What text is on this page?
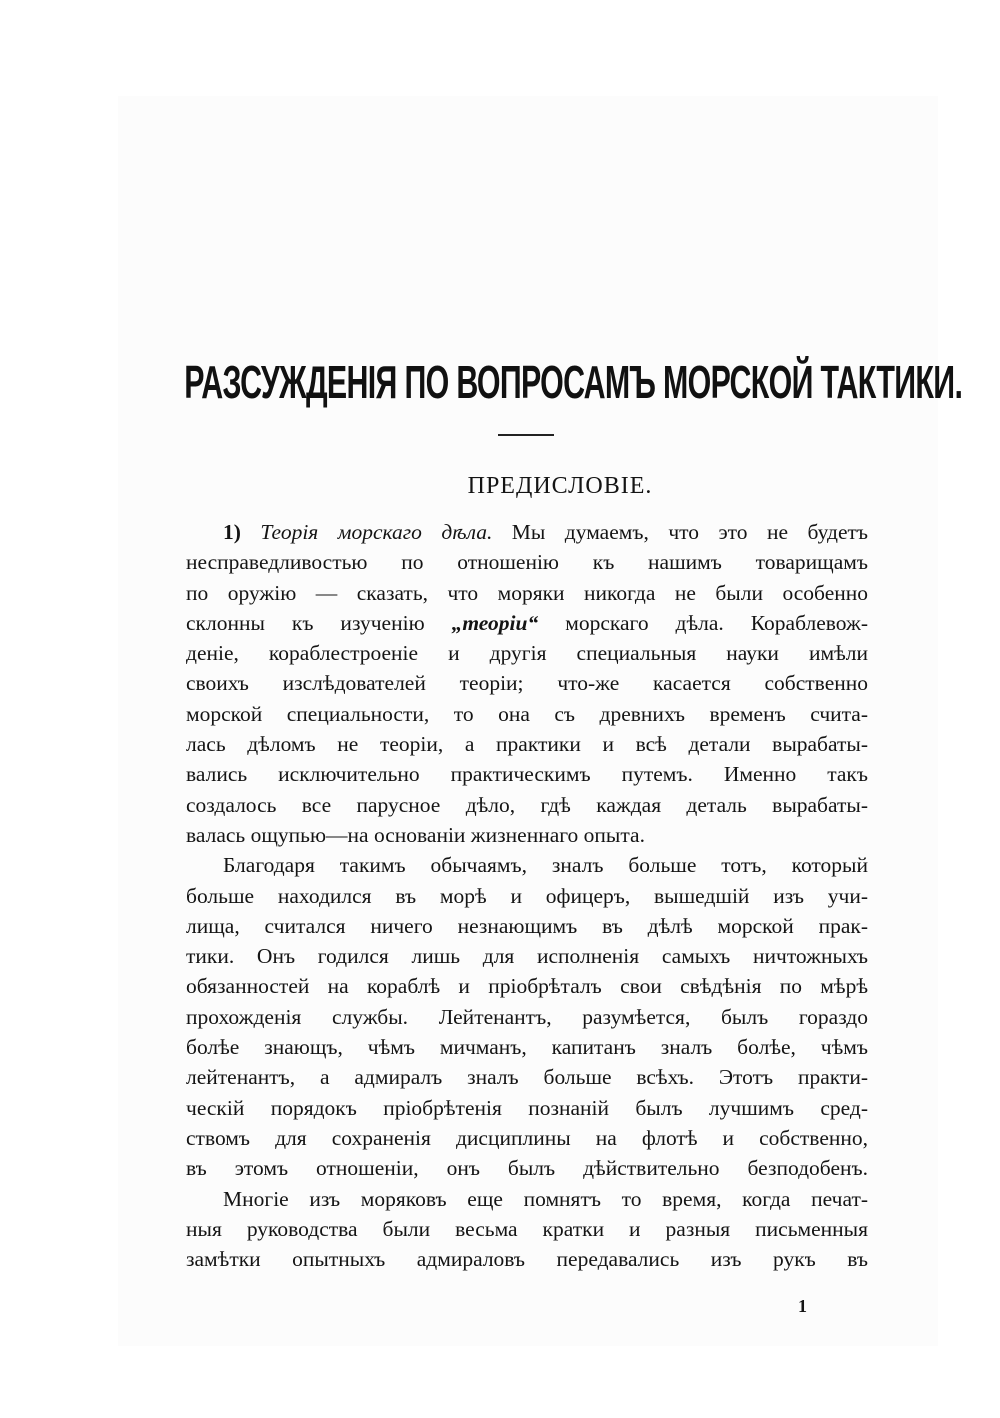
РАЗСУЖДЕНІЯ ПО ВОПРОСАМЪ МОРСКОЙ ТАКТИКИ.
ПРЕДИСЛОВІЕ.
1) Теорія морскаго дѣла. Мы думаемъ, что это не будетъ
несправедливостью по отношенію къ нашимъ товарищамъ
по оружію — сказать, что моряки никогда не были особенно
склонны къ изученію „теоріи“ морскаго дѣла. Кораблевож-
деніе, кораблестроеніе и другія специальныя науки имѣли
своихъ изслѣдователей теоріи; что-же касается собственно
морской специальности, то она съ древнихъ временъ счита-
лась дѣломъ не теоріи, а практики и всѣ детали вырабаты-
вались исключительно практическимъ путемъ. Именно такъ
создалось все парусное дѣло, гдѣ каждая деталь вырабаты-
валась ощупью—на основаніи жизненнаго опыта.
Благодаря такимъ обычаямъ, зналъ больше тотъ, который
больше находился въ морѣ и офицеръ, вышедшій изъ учи-
лища, считался ничего незнающимъ въ дѣлѣ морской прак-
тики. Онъ годился лишь для исполненія самыхъ ничтожныхъ
обязанностей на кораблѣ и пріобрѣталъ свои свѣдѣнія по мѣрѣ
прохожденія службы. Лейтенантъ, разумѣется, былъ гораздо
болѣе знающъ, чѣмъ мичманъ, капитанъ зналъ болѣе, чѣмъ
лейтенантъ, а адмиралъ зналъ больше всѣхъ. Этотъ практи-
ческій порядокъ пріобрѣтенія познаній былъ лучшимъ сред-
ствомъ для сохраненія дисциплины на флотѣ и собственно,
въ этомъ отношеніи, онъ былъ дѣйствительно безподобенъ.
Многіе изъ моряковъ еще помнятъ то время, когда печат-
ныя руководства были весьма кратки и разныя письменныя
замѣтки опытныхъ адмираловъ передавались изъ рукъ въ
1
